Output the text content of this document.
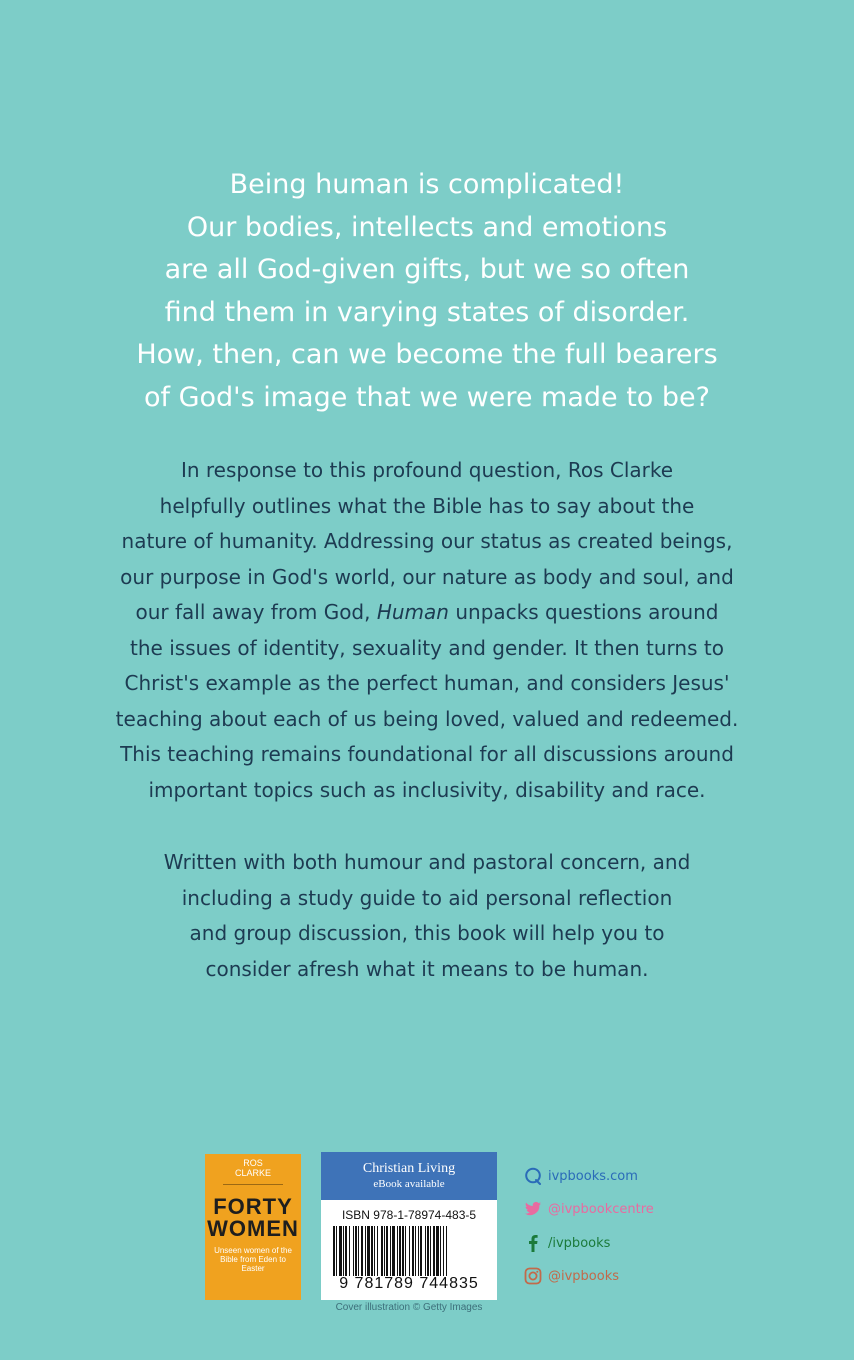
Being human is complicated!
Our bodies, intellects and emotions
are all God-given gifts, but we so often
find them in varying states of disorder.
How, then, can we become the full bearers
of God's image that we were made to be?
In response to this profound question, Ros Clarke
helpfully outlines what the Bible has to say about the
nature of humanity. Addressing our status as created beings,
our purpose in God's world, our nature as body and soul, and
our fall away from God, Human unpacks questions around
the issues of identity, sexuality and gender. It then turns to
Christ's example as the perfect human, and considers Jesus'
teaching about each of us being loved, valued and redeemed.
This teaching remains foundational for all discussions around
important topics such as inclusivity, disability and race.
Written with both humour and pastoral concern, and
including a study guide to aid personal reflection
and group discussion, this book will help you to
consider afresh what it means to be human.
ROS
CLARKE
FORTY
WOMEN
Unseen women of the Bible from Eden to Easter
Christian Living
eBook available
ISBN 978-1-78974-483-5
9 781789 744835
Cover illustration © Getty Images
ivpbooks.com
@ivpbookcentre
/ivpbooks
@ivpbooks
